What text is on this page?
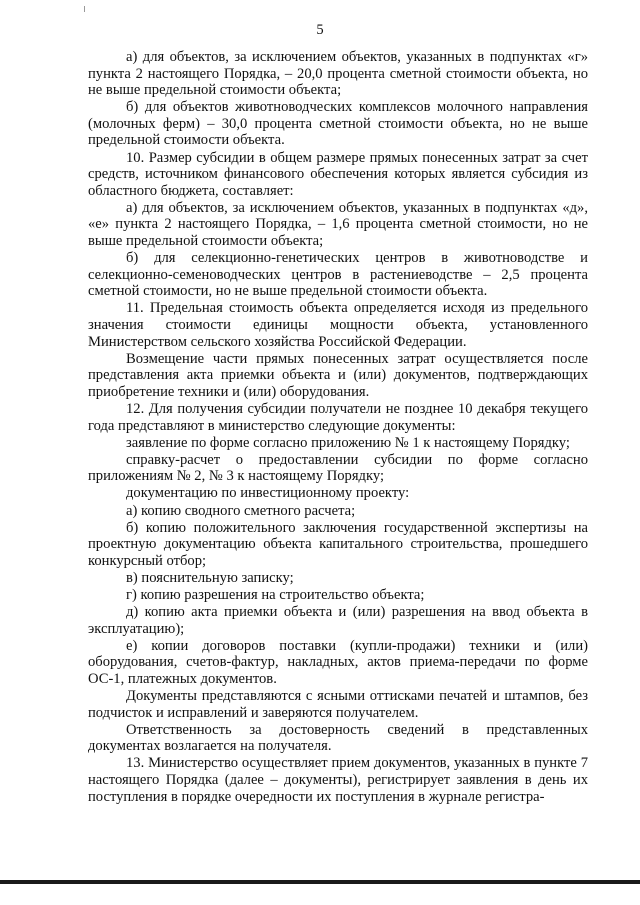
5

а) для объектов, за исключением объектов, указанных в подпунктах «г» пункта 2 настоящего Порядка, – 20,0 процента сметной стоимости объекта, но не выше предельной стоимости объекта;

б) для объектов животноводческих комплексов молочного направления (молочных ферм) – 30,0 процента сметной стоимости объекта, но не выше предельной стоимости объекта.

10. Размер субсидии в общем размере прямых понесенных затрат за счет средств, источником финансового обеспечения которых является субсидия из областного бюджета, составляет:

а) для объектов, за исключением объектов, указанных в подпунктах «д», «е» пункта 2 настоящего Порядка, – 1,6 процента сметной стоимости, но не выше предельной стоимости объекта;

б) для селекционно-генетических центров в животноводстве и селекционно-семеноводческих центров в растениеводстве – 2,5 процента сметной стоимости, но не выше предельной стоимости объекта.

11. Предельная стоимость объекта определяется исходя из предельного значения стоимости единицы мощности объекта, установленного Министерством сельского хозяйства Российской Федерации.

Возмещение части прямых понесенных затрат осуществляется после представления акта приемки объекта и (или) документов, подтверждающих приобретение техники и (или) оборудования.

12. Для получения субсидии получатели не позднее 10 декабря текущего года представляют в министерство следующие документы:

заявление по форме согласно приложению № 1 к настоящему Порядку;

справку-расчет о предоставлении субсидии по форме согласно приложениям № 2, № 3 к настоящему Порядку;

документацию по инвестиционному проекту:

а) копию сводного сметного расчета;

б) копию положительного заключения государственной экспертизы на проектную документацию объекта капитального строительства, прошедшего конкурсный отбор;

в) пояснительную записку;

г) копию разрешения на строительство объекта;

д) копию акта приемки объекта и (или) разрешения на ввод объекта в эксплуатацию);

е) копии договоров поставки (купли-продажи) техники и (или) оборудования, счетов-фактур, накладных, актов приема-передачи по форме ОС-1, платежных документов.

Документы представляются с ясными оттисками печатей и штампов, без подчисток и исправлений и заверяются получателем.

Ответственность за достоверность сведений в представленных документах возлагается на получателя.

13. Министерство осуществляет прием документов, указанных в пункте 7 настоящего Порядка (далее – документы), регистрирует заявления в день их поступления в порядке очередности их поступления в журнале регистра-
